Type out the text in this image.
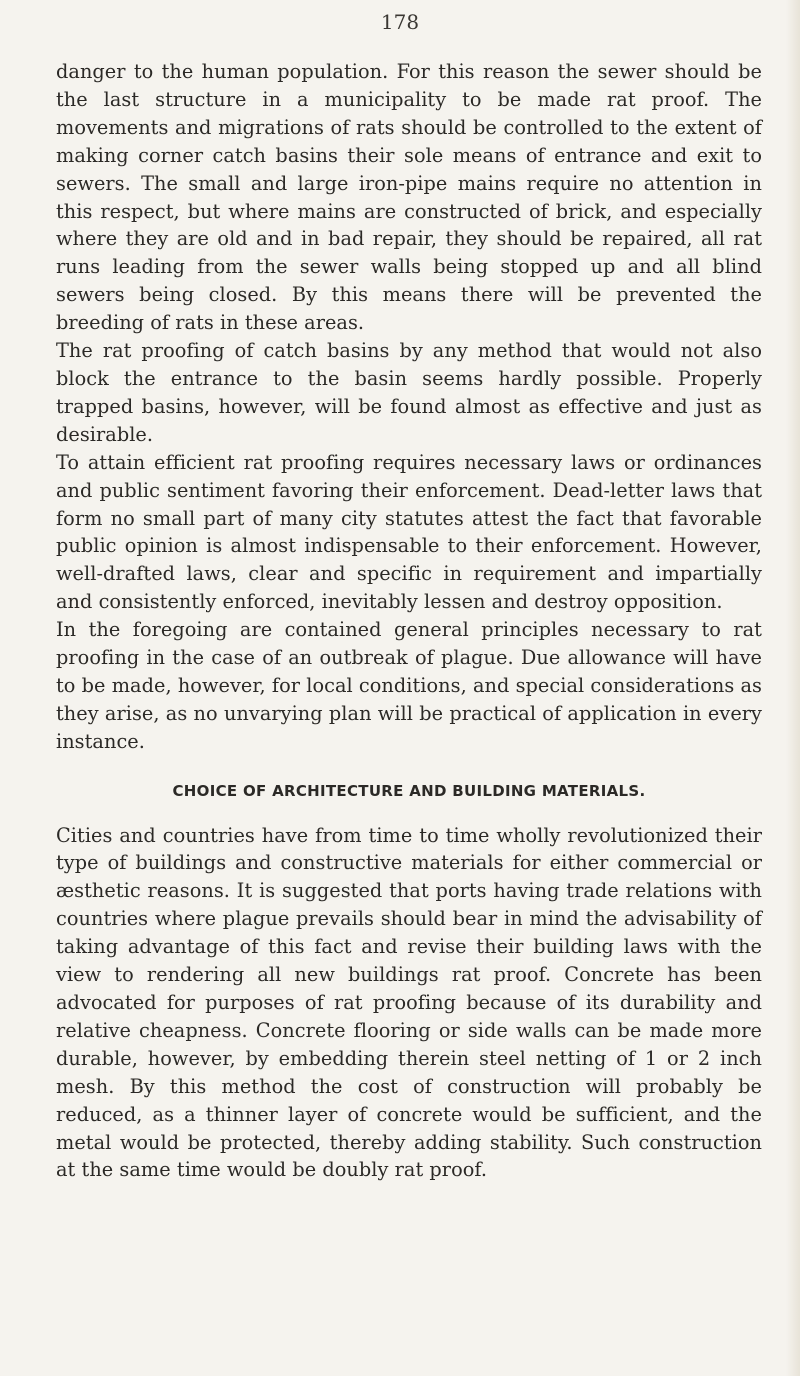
178

danger to the human population. For this reason the sewer should be the last structure in a municipality to be made rat proof. The movements and migrations of rats should be controlled to the extent of making corner catch basins their sole means of entrance and exit to sewers. The small and large iron-pipe mains require no attention in this respect, but where mains are constructed of brick, and especially where they are old and in bad repair, they should be repaired, all rat runs leading from the sewer walls being stopped up and all blind sewers being closed. By this means there will be prevented the breeding of rats in these areas.

The rat proofing of catch basins by any method that would not also block the entrance to the basin seems hardly possible. Properly trapped basins, however, will be found almost as effective and just as desirable.

To attain efficient rat proofing requires necessary laws or ordinances and public sentiment favoring their enforcement. Dead-letter laws that form no small part of many city statutes attest the fact that favorable public opinion is almost indispensable to their enforcement. However, well-drafted laws, clear and specific in requirement and impartially and consistently enforced, inevitably lessen and destroy opposition.

In the foregoing are contained general principles necessary to rat proofing in the case of an outbreak of plague. Due allowance will have to be made, however, for local conditions, and special considerations as they arise, as no unvarying plan will be practical of application in every instance.

CHOICE OF ARCHITECTURE AND BUILDING MATERIALS.

Cities and countries have from time to time wholly revolutionized their type of buildings and constructive materials for either commercial or æsthetic reasons. It is suggested that ports having trade relations with countries where plague prevails should bear in mind the advisability of taking advantage of this fact and revise their building laws with the view to rendering all new buildings rat proof. Concrete has been advocated for purposes of rat proofing because of its durability and relative cheapness. Concrete flooring or side walls can be made more durable, however, by embedding therein steel netting of 1 or 2 inch mesh. By this method the cost of construction will probably be reduced, as a thinner layer of concrete would be sufficient, and the metal would be protected, thereby adding stability. Such construction at the same time would be doubly rat proof.
